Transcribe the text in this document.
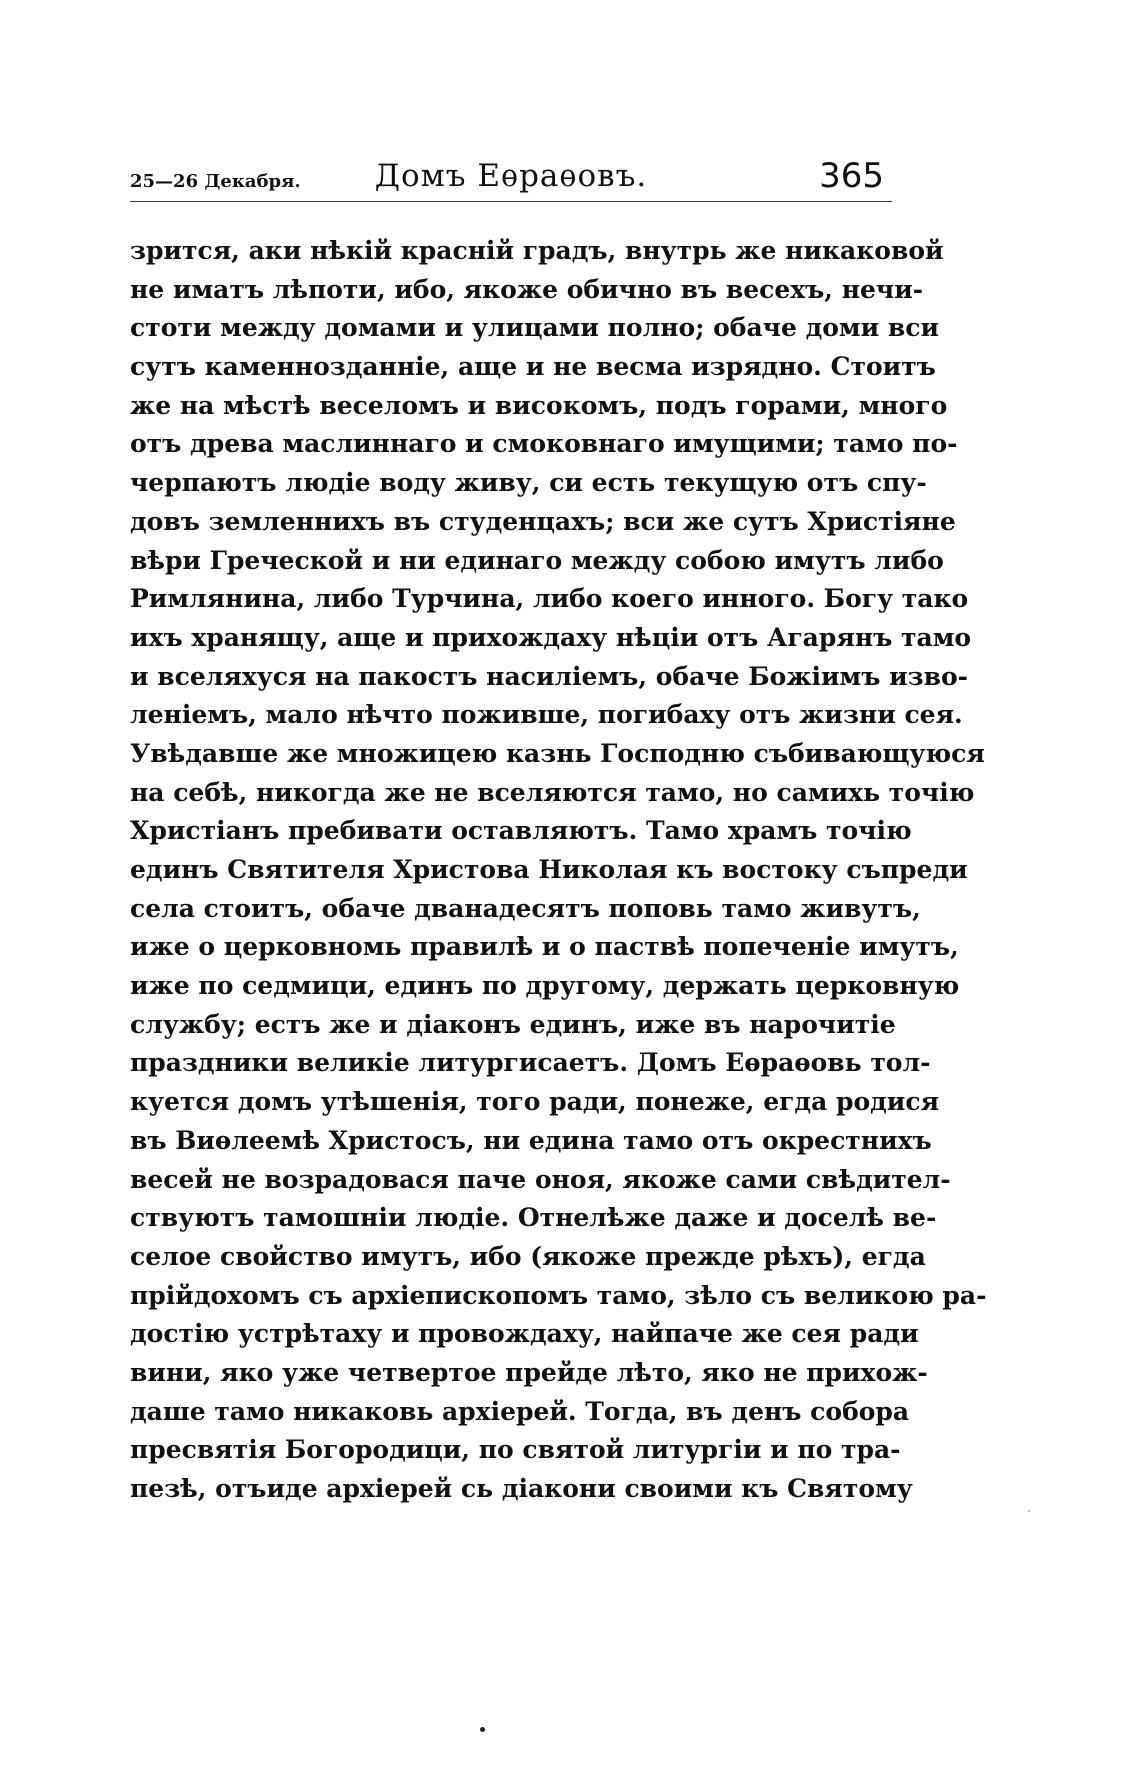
25—26 Декабря.	Домъ Еѳраѳовъ.	365
зрится, аки нѣкій красній градъ, внутрь же никаковой
не иматъ лѣпоти, ибо, якоже обично въ весехъ, нечи-
стоти между домами и улицами полно; обаче доми вси
сутъ каменнозданніе, аще и не весма изрядно. Стоитъ
же на мѣстѣ веселомъ и високомъ, подъ горами, много
отъ древа маслиннаго и смоковнаго имущими; тамо по-
черпаютъ людіе воду живу, си есть текущую отъ спу-
довъ земленнихъ въ студенцахъ; вси же сутъ Христіяне
вѣри Греческой и ни единаго между собою имутъ либо
Римлянина, либо Турчина, либо коего инного. Богу тако
ихъ хранящу, аще и прихождаху нѣціи отъ Агарянъ тамо
и вселяхуся на пакостъ насиліемъ, обаче Божіимъ изво-
леніемъ, мало нѣчто поживше, погибаху отъ жизни сея.
Увѣдавше же множицею казнь Господню събивающуюся
на себѣ, никогда же не вселяются тамо, но самихь точію
Христіанъ пребивати оставляютъ. Тамо храмъ точію
единъ Святителя Христова Николая къ востоку съпреди
села стоитъ, обаче дванадесятъ поповь тамо живутъ,
иже о церковномь правилѣ и о паствѣ попеченіе имутъ,
иже по седмици, единъ по другому, держать церковную
службу; естъ же и діаконъ единъ, иже въ нарочитіе
праздники великіе литургисаетъ. Домъ Еѳраѳовь тол-
куется домъ утѣшенія, того ради, понеже, егда родися
въ Виѳлеемѣ Христосъ, ни едина тамо отъ окрестнихъ
весей не возрадовася паче оноя, якоже сами свѣдител-
ствуютъ тамошніи людіе. Отнелѣже даже и доселѣ ве-
селое свойство имутъ, ибо (якоже прежде рѣхъ), егда
прійдохомъ съ архіепископомъ тамо, зѣло съ великою ра-
достію устрѣтаху и провождаху, найпаче же сея ради
вини, яко уже четвертое прейде лѣто, яко не прихож-
даше тамо никаковь архіерей. Тогда, въ денъ собора
пресвятія Богородици, по святой литургіи и по тра-
пезѣ, отъиде архіерей сь діакони своими къ Святому
